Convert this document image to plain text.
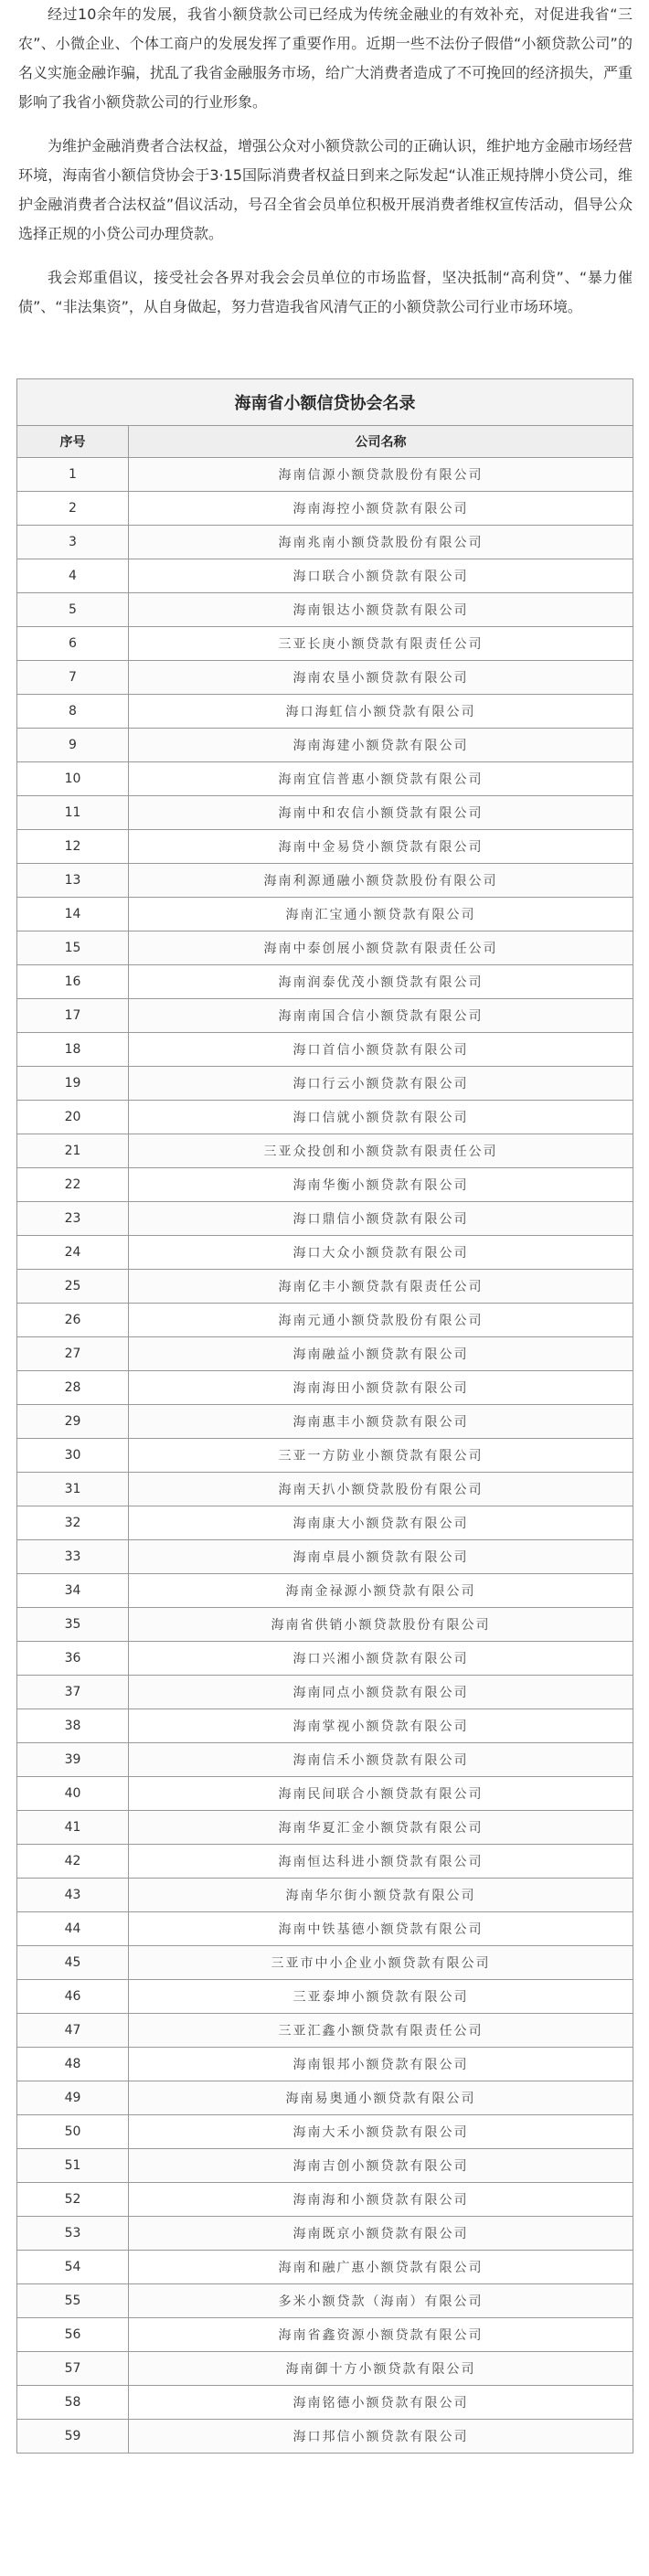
经过10余年的发展，我省小额贷款公司已经成为传统金融业的有效补充，对促进我省“三农”、小微企业、个体工商户的发展发挥了重要作用。近期一些不法份子假借“小额贷款公司”的名义实施金融诈骗，扰乱了我省金融服务市场，给广大消费者造成了不可挽回的经济损失，严重影响了我省小额贷款公司的行业形象。

为维护金融消费者合法权益，增强公众对小额贷款公司的正确认识，维护地方金融市场经营环境，海南省小额信贷协会于3·15国际消费者权益日到来之际发起“认准正规持牌小贷公司，维护金融消费者合法权益”倡议活动，号召全省会员单位积极开展消费者维权宣传活动，倡导公众选择正规的小贷公司办理贷款。

我会郑重倡议，接受社会各界对我会会员单位的市场监督，坚决抵制“高利贷”、“暴力催债”、“非法集资”，从自身做起，努力营造我省风清气正的小额贷款公司行业市场环境。

海南省小额信贷协会名录	
序号	公司名称
1	海南信源小额贷款股份有限公司
2	海南海控小额贷款有限公司
3	海南兆南小额贷款股份有限公司
4	海口联合小额贷款有限公司
5	海南银达小额贷款有限公司
6	三亚长庚小额贷款有限责任公司
7	海南农垦小额贷款有限公司
8	海口海虹信小额贷款有限公司
9	海南海建小额贷款有限公司
10	海南宜信普惠小额贷款有限公司
11	海南中和农信小额贷款有限公司
12	海南中金易贷小额贷款有限公司
13	海南利源通融小额贷款股份有限公司
14	海南汇宝通小额贷款有限公司
15	海南中泰创展小额贷款有限责任公司
16	海南润泰优茂小额贷款有限公司
17	海南南国合信小额贷款有限公司
18	海口首信小额贷款有限公司
19	海口行云小额贷款有限公司
20	海口信就小额贷款有限公司
21	三亚众投创和小额贷款有限责任公司
22	海南华衡小额贷款有限公司
23	海口鼎信小额贷款有限公司
24	海口大众小额贷款有限公司
25	海南亿丰小额贷款有限责任公司
26	海南元通小额贷款股份有限公司
27	海南融益小额贷款有限公司
28	海南海田小额贷款有限公司
29	海南惠丰小额贷款有限公司
30	三亚一方防业小额贷款有限公司
31	海南天扒小额贷款股份有限公司
32	海南康大小额贷款有限公司
33	海南卓晨小额贷款有限公司
34	海南金禄源小额贷款有限公司
35	海南省供销小额贷款股份有限公司
36	海口兴湘小额贷款有限公司
37	海南同点小额贷款有限公司
38	海南掌视小额贷款有限公司
39	海南信禾小额贷款有限公司
40	海南民间联合小额贷款有限公司
41	海南华夏汇金小额贷款有限公司
42	海南恒达科进小额贷款有限公司
43	海南华尔街小额贷款有限公司
44	海南中铁基德小额贷款有限公司
45	三亚市中小企业小额贷款有限公司
46	三亚泰坤小额贷款有限公司
47	三亚汇鑫小额贷款有限责任公司
48	海南银邦小额贷款有限公司
49	海南易奥通小额贷款有限公司
50	海南大禾小额贷款有限公司
51	海南吉创小额贷款有限公司
52	海南海和小额贷款有限公司
53	海南既京小额贷款有限公司
54	海南和融广惠小额贷款有限公司
55	多米小额贷款（海南）有限公司
56	海南省鑫资源小额贷款有限公司
57	海南御十方小额贷款有限公司
58	海南铭德小额贷款有限公司
59	海口邦信小额贷款有限公司
